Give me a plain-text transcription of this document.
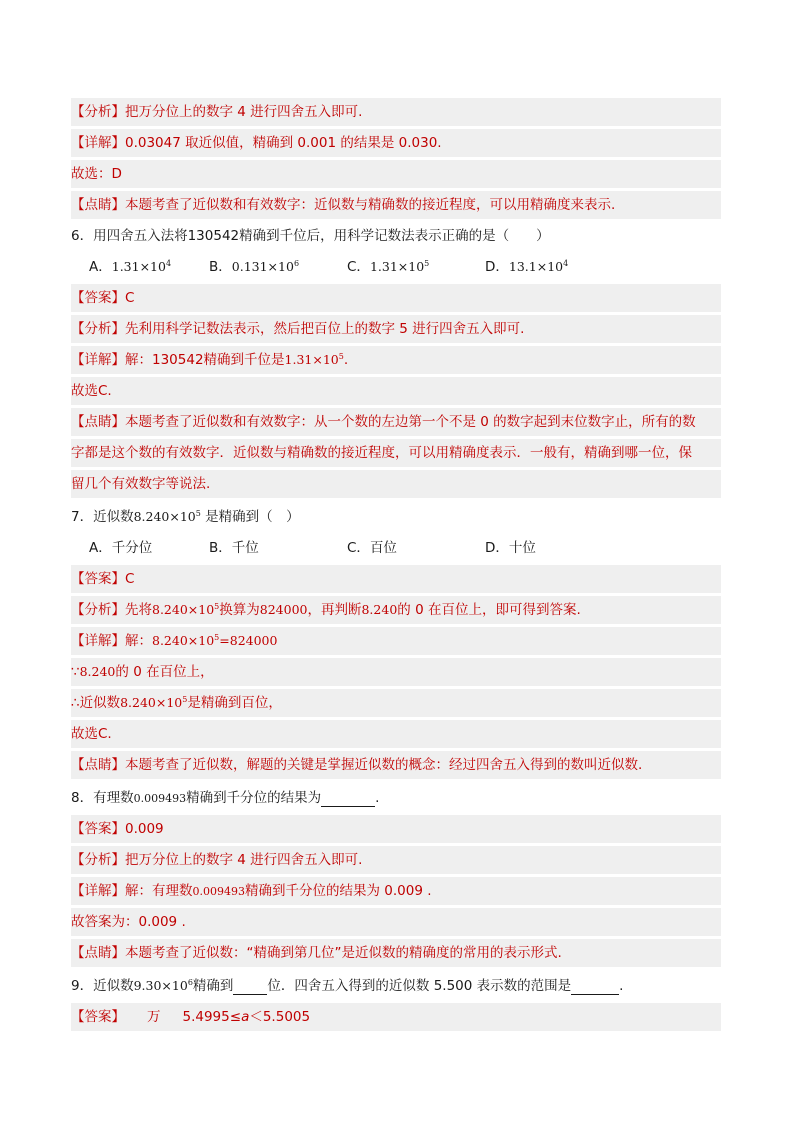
【分析】把万分位上的数字 4 进行四舍五入即可.
【详解】0.03047 取近似值，精确到 0.001 的结果是 0.030.
故选：D
【点睛】本题考查了近似数和有效数字：近似数与精确数的接近程度，可以用精确度来表示.
6．用四舍五入法将130542精确到千位后，用科学记数法表示正确的是（　　）
A．$1.31\times 10^4$	B．$0.131\times 10^6$	C．$1.31\times 10^5$	D．$13.1\times 10^4$
【答案】C
【分析】先利用科学记数法表示，然后把百位上的数字 5 进行四舍五入即可.
【详解】解：130542精确到千位是$1.31\times 10^5$.
故选C.
【点睛】本题考查了近似数和有效数字：从一个数的左边第一个不是 0 的数字起到末位数字止，所有的数
字都是这个数的有效数字．近似数与精确数的接近程度，可以用精确度表示．一般有，精确到哪一位，保
留几个有效数字等说法.
7．近似数$8.240\times 10^5$ 是精确到（　）
A．千分位	B．千位	C．百位	D．十位
【答案】C
【分析】先将$8.240\times 10^5$换算为824000，再判断8.240的 0 在百位上，即可得到答案.
【详解】解：$8.240\times 10^5=824000$
∵8.240的 0 在百位上，
∴近似数$8.240\times 10^5$是精确到百位，
故选C.
【点睛】本题考查了近似数，解题的关键是掌握近似数的概念：经过四舍五入得到的数叫近似数.
8．有理数0.009493精确到千分位的结果为	.
【答案】0.009
【分析】把万分位上的数字 4 进行四舍五入即可.
【详解】解：有理数0.009493精确到千分位的结果为 0.009 .
故答案为：0.009 .
【点睛】本题考查了近似数：“精确到第几位”是近似数的精确度的常用的表示形式.
9．近似数$9.30\times 10^6$精确到	位．四舍五入得到的近似数 5.500 表示数的范围是	.
【答案】 万 5.4995≤a＜5.5005
